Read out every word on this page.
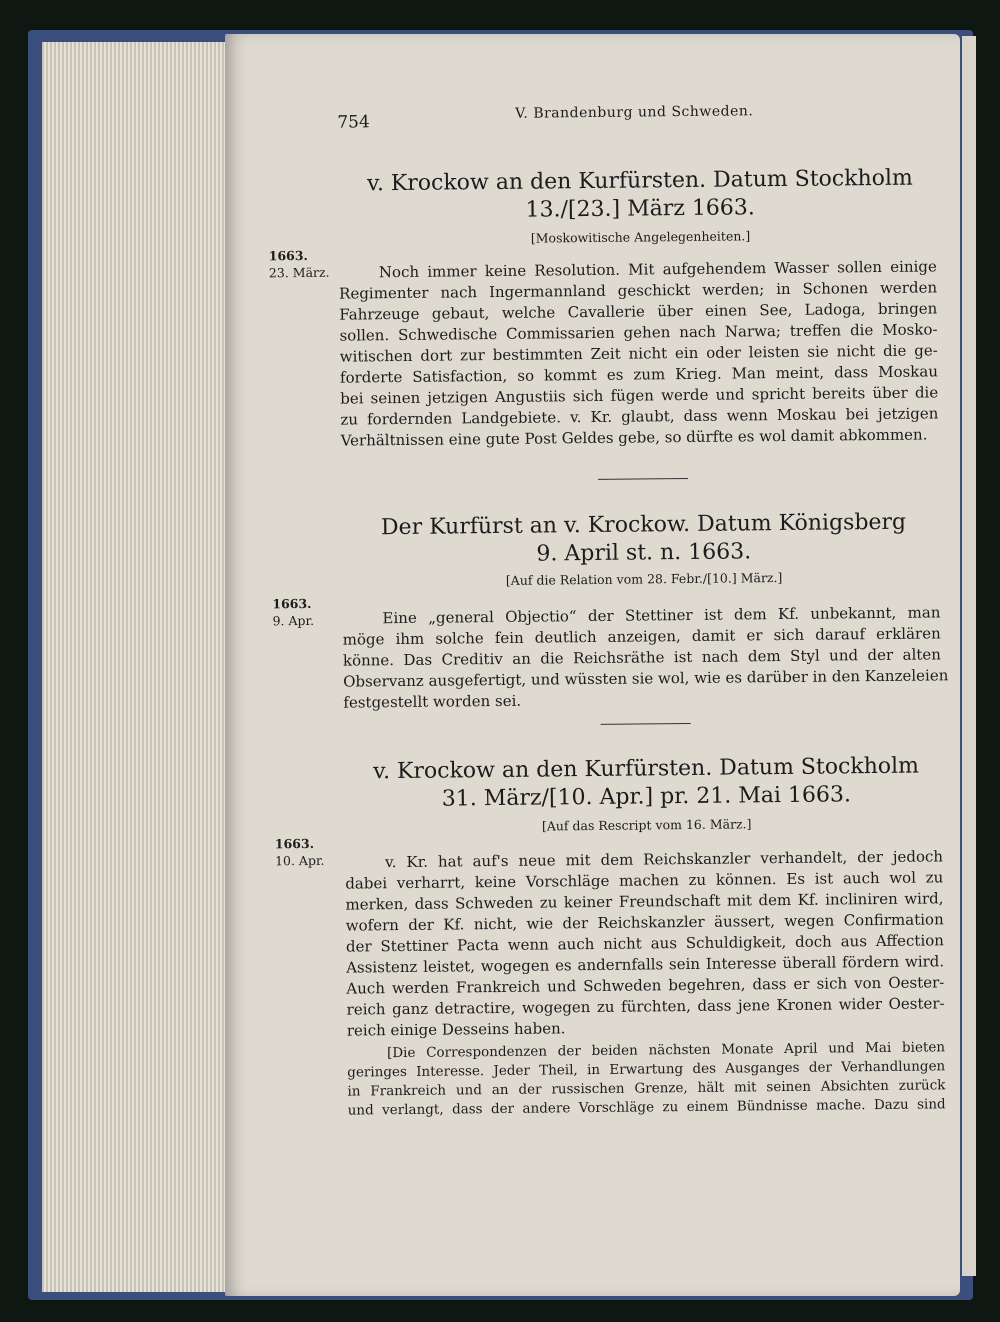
754	V. Brandenburg und Schweden.
v. Krockow an den Kurfürsten. Datum Stockholm
13./[23.] März 1663.
[Moskowitische Angelegenheiten.]
1663.
23. März.	Noch immer keine Resolution. Mit aufgehendem Wasser sollen einige
Regimenter nach Ingermannland geschickt werden; in Schonen werden
Fahrzeuge gebaut, welche Cavallerie über einen See, Ladoga, bringen
sollen. Schwedische Commissarien gehen nach Narwa; treffen die Mosko-
witischen dort zur bestimmten Zeit nicht ein oder leisten sie nicht die ge-
forderte Satisfaction, so kommt es zum Krieg. Man meint, dass Moskau
bei seinen jetzigen Angustiis sich fügen werde und spricht bereits über die
zu fordernden Landgebiete. v. Kr. glaubt, dass wenn Moskau bei jetzigen
Verhältnissen eine gute Post Geldes gebe, so dürfte es wol damit abkommen.
Der Kurfürst an v. Krockow. Datum Königsberg
9. April st. n. 1663.
[Auf die Relation vom 28. Febr./[10.] März.]
1663.
9. Apr.	Eine „general Objectio“ der Stettiner ist dem Kf. unbekannt, man
möge ihm solche fein deutlich anzeigen, damit er sich darauf erklären
könne. Das Creditiv an die Reichsräthe ist nach dem Styl und der alten
Observanz ausgefertigt, und wüssten sie wol, wie es darüber in den Kanzeleien
festgestellt worden sei.
v. Krockow an den Kurfürsten. Datum Stockholm
31. März/[10. Apr.] pr. 21. Mai 1663.
[Auf das Rescript vom 16. März.]
1663.
10. Apr.	v. Kr. hat auf's neue mit dem Reichskanzler verhandelt, der jedoch
dabei verharrt, keine Vorschläge machen zu können. Es ist auch wol zu
merken, dass Schweden zu keiner Freundschaft mit dem Kf. incliniren wird,
wofern der Kf. nicht, wie der Reichskanzler äussert, wegen Confirmation
der Stettiner Pacta wenn auch nicht aus Schuldigkeit, doch aus Affection
Assistenz leistet, wogegen es andernfalls sein Interesse überall fördern wird.
Auch werden Frankreich und Schweden begehren, dass er sich von Oester-
reich ganz detractire, wogegen zu fürchten, dass jene Kronen wider Oester-
reich einige Desseins haben.
[Die Correspondenzen der beiden nächsten Monate April und Mai bieten
geringes Interesse. Jeder Theil, in Erwartung des Ausganges der Verhandlungen
in Frankreich und an der russischen Grenze, hält mit seinen Absichten zurück
und verlangt, dass der andere Vorschläge zu einem Bündnisse mache. Dazu sind
